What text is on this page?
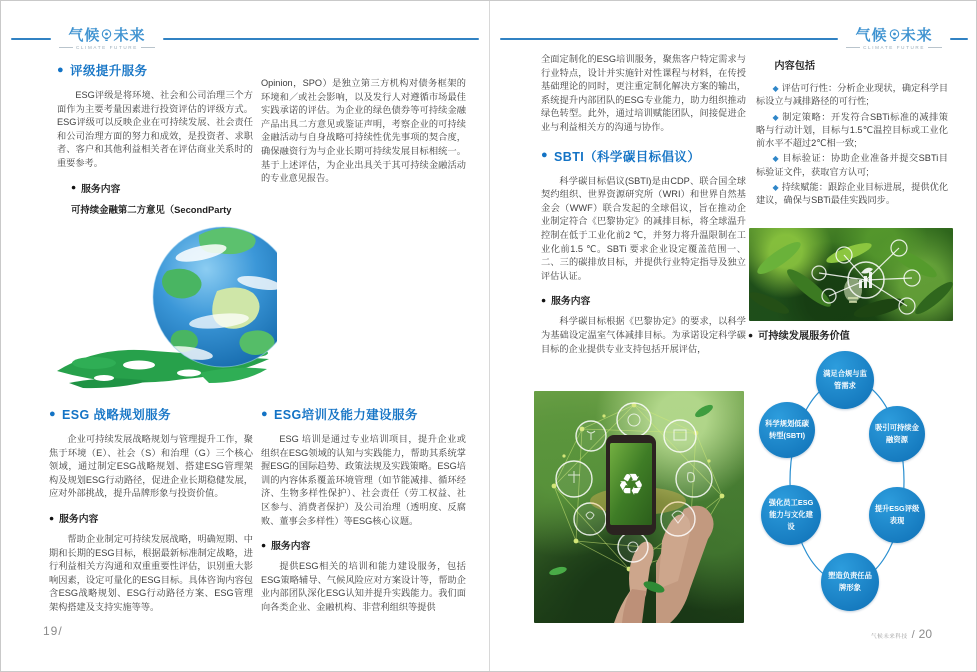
气候 未来
CLIMATE FUTURE
● 评级提升服务

ESG评级是将环境、社会和公司治理三个方面作为主要考量因素进行投资评估的评级方式。ESG评级可以反映企业在可持续发展、社会责任和公司治理方面的努力和成效，是投资者、求职者、客户和其他利益相关者在评估商业关系时的重要参考。

● 服务内容
可持续金融第二方意见（SecondParty
● ESG 战略规划服务

企业可持续发展战略规划与管理提升工作，聚焦于环境（E）、社会（S）和治理（G）三个核心领域，通过制定ESG战略规划、搭建ESG管理架构及规划ESG行动路径，促进企业长期稳健发展，应对外部挑战，提升品牌形象与投资价值。

● 服务内容

帮助企业制定可持续发展战略，明确短期、中期和长期的ESG目标，根据最新标准制定战略，进行利益相关方沟通和双重重要性评估，识别重大影响因素，设定可量化的ESG目标。具体咨询内容包含ESG战略规划、ESG行动路径方案、ESG管理架构搭建及支持实施等等。

Opinion，SPO）是独立第三方机构对债务框架的环境和／或社会影响，以及发行人对遵循市场最佳实践承诺的评估。为企业的绿色债券等可持续金融产品出具二方意见或鉴证声明，考察企业的可持续金融活动与自身战略可持续性优先事项的契合度，确保融资行为与企业长期可持续发展目标相统一。基于上述评估，为企业出具关于其可持续金融活动的专业意见报告。

● ESG培训及能力建设服务

ESG 培训是通过专业培训项目，提升企业或组织在ESG领域的认知与实践能力，帮助其系统掌握ESG的国际趋势、政策法规及实践策略。ESG培训的内容体系覆盖环境管理（如节能减排、循环经济、生物多样性保护）、社会责任（劳工权益、社区参与、消费者保护）及公司治理（透明度、反腐败、董事会多样性）等ESG核心议题。

● 服务内容

提供ESG相关的培训和能力建设服务，包括ESG策略辅导、气候风险应对方案设计等，帮助企业内部团队深化ESG认知并提升实践能力。我们面向各类企业、金融机构、非营利组织等提供

19/
气候 未来
CLIMATE FUTURE

全面定制化的ESG培训服务，聚焦客户特定需求与行业特点，设计并实施针对性课程与材料，在传授基础理论的同时，更注重定制化解决方案的输出，系统提升内部团队的ESG专业能力，助力组织推动绿色转型。此外，通过培训赋能团队，间接促进企业与利益相关方的沟通与协作。

● SBTI（科学碳目标倡议）

科学碳目标倡议(SBTI)是由CDP、联合国全球契约组织、世界资源研究所（WRI）和世界自然基金会（WWF）联合发起的全球倡议，旨在推动企业制定符合《巴黎协定》的减排目标，将全球温升控制在低于工业化前2 ℃，并努力将升温限制在工业化前1.5 ℃。SBTi 要求企业设定覆盖范围一、二、三的碳排放目标，并提供行业特定指导及独立评估认证。

● 服务内容

科学碳目标根据《巴黎协定》的要求，以科学为基础设定温室气体减排目标。为承诺设定科学碳目标的企业提供专业支持包括开展评估，

♻
内容包括

◆ 评估可行性：分析企业现状，确定科学目标设立与减排路径的可行性;

◆ 制定策略：开发符合SBTi标准的减排策略与行动计划，目标与1.5℃温控目标或工业化前水平不超过2℃相一致;

◆ 目标验证：协助企业准备并提交SBTi目标验证文件，获取官方认可;

◆ 持续赋能：跟踪企业目标进展，提供优化建议，确保与SBTi最佳实践同步。

● 可持续发展服务价值
满足合规与监管需求
科学规划低碳转型(SBTI)
吸引可持续金融资源
强化员工ESG能力与文化建设
提升ESG评级表现
塑造负责任品牌形象
气候未来科技 / 20
